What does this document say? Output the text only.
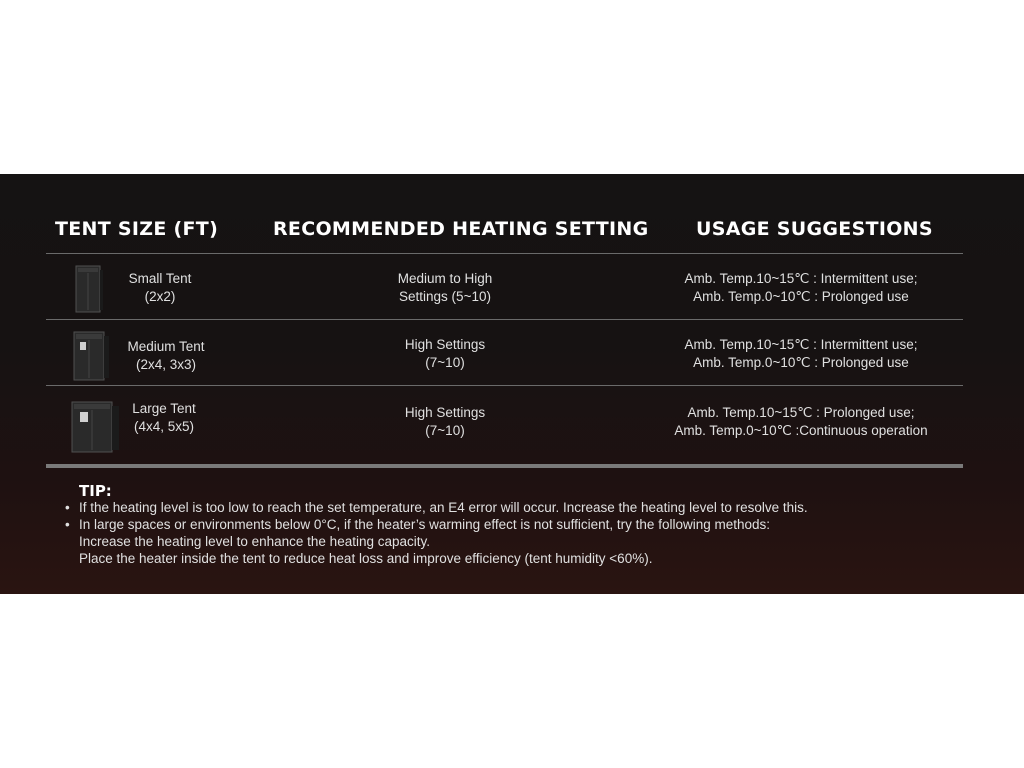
TENT SIZE (FT)	RECOMMENDED HEATING SETTING	USAGE SUGGESTIONS
Small Tent
(2x2)
Medium to High
Settings (5~10)
Amb. Temp.10~15℃ : Intermittent use;
Amb. Temp.0~10℃ : Prolonged use
Medium Tent
(2x4, 3x3)
High Settings
(7~10)
Amb. Temp.10~15℃ : Intermittent use;
Amb. Temp.0~10℃ : Prolonged use
Large Tent
(4x4, 5x5)
High Settings
(7~10)
Amb. Temp.10~15℃ : Prolonged use;
Amb. Temp.0~10℃ :Continuous operation
TIP:
• If the heating level is too low to reach the set temperature, an E4 error will occur. Increase the heating level to resolve this.
• In large spaces or environments below 0°C, if the heater’s warming effect is not sufficient, try the following methods:
Increase the heating level to enhance the heating capacity.
Place the heater inside the tent to reduce heat loss and improve efficiency (tent humidity <60%).
